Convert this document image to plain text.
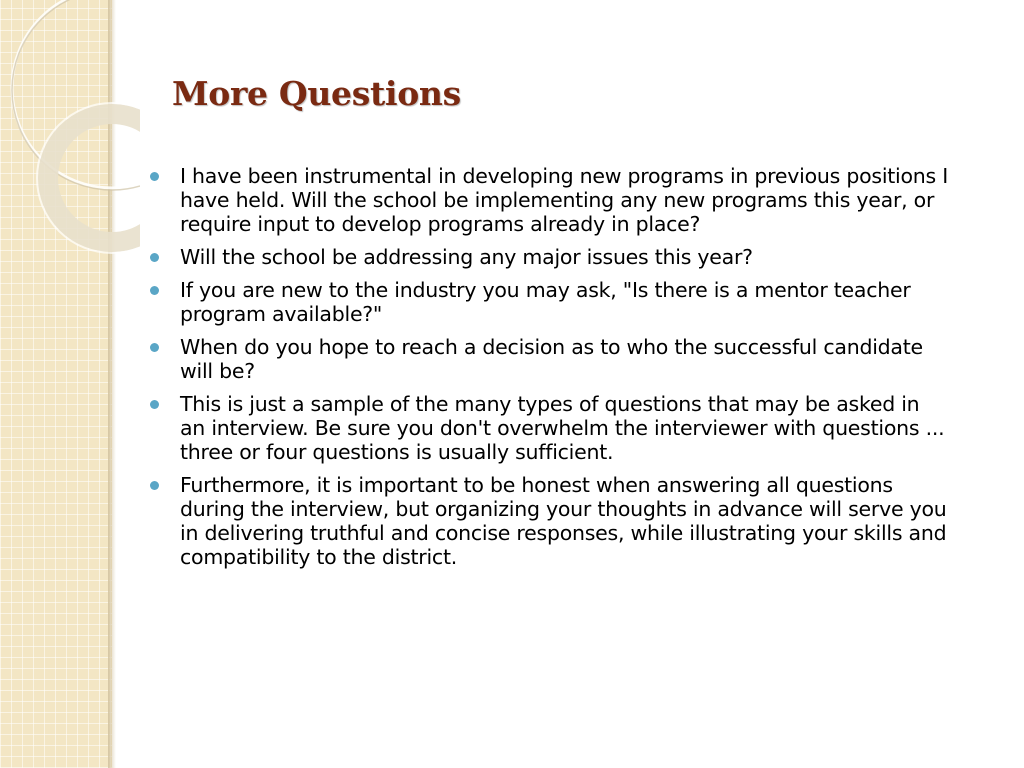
More Questions
I have been instrumental in developing new programs in previous positions I have held. Will the school be implementing any new programs this year, or require input to develop programs already in place?
Will the school be addressing any major issues this year?
If you are new to the industry you may ask, "Is there is a mentor teacher program available?"
When do you hope to reach a decision as to who the successful candidate will be?
This is just a sample of the many types of questions that may be asked in an interview. Be sure you don't overwhelm the interviewer with questions ... three or four questions is usually sufficient.
Furthermore, it is important to be honest when answering all questions during the interview, but organizing your thoughts in advance will serve you in delivering truthful and concise responses, while illustrating your skills and compatibility to the district.
